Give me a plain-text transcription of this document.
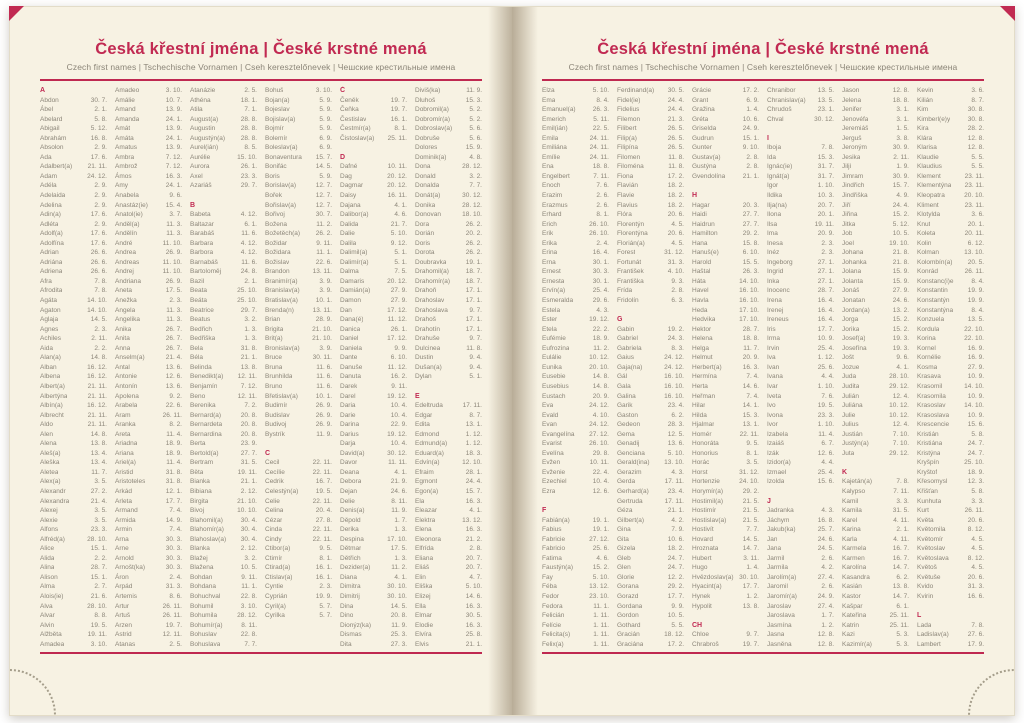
Česká křestní jména | České krstné mená
Czech first names | Tschechische Vornamen | Cseh keresztelőnevek | Чешские крестильные имена
A
Abdon	30. 7.
Ábel	2. 1.
Abelard	5. 8.
Abigail	5. 12.
Abrahám	16. 8.
Absolon	2. 9.
Ada	17. 6.
Adalbert(a) 21. 11.
Adam	24. 12.
Adéla	2. 9.
Adelaida	2. 9.
Adelina	2. 9.
Adin(a)	17. 6.
Adléta	2. 9.
Adolf(a)	17. 6.
Adolfína	17. 6.
Adrian	26. 6.
Adriána	26. 6.
Adriena	26. 6.
Afra	7. 8.
Afrodita	7. 8.
Agáta	14. 10.
Agaton	14. 10.
Aglaja	14. 5.
Agnes	2. 3.
Achiles	2. 11.
Aida	2. 2.
Alan(a)	14. 8.
Alban	16. 12.
Albena	16. 12.
Albert(a)	21. 11.
Albertýna	21. 11.
Albín(a)	16. 12.
Albrecht	21. 11.
Aldo	21. 11.
Alen	14. 8.
Alena	13. 8.
Aleš(a)	13. 4.
Aleška	13. 4.
Aletea	11. 7.
Alex(a)	3. 5.
Alexandr	27. 2.
Alexandra	21. 4.
Alexej	3. 5.
Alexie	3. 5.
Alfons	23. 3.
Alfréd(a)	28. 10.
Alice	15. 1.
Alida	2. 2.
Alina	28. 7.
Alison	15. 1.
Alma	2. 7.
Alois(ie)	21. 6.
Alva	28. 10.
Alvar	8. 8.
Alvin	19. 5.
Alžběta	19. 11.
Amadea	3. 10.
Amadeo	3. 10.
Amálie	10. 7.
Amand	13. 9.
Amanda	24. 1.
Amát	13. 9.
Amáta	24. 1.
Amatus	13. 9.
Ambra	7. 12.
Ambrož	7. 12.
Ámos	16. 3.
Amy	24. 1.
Anabela	9. 6.
Anastáz(ie)	15. 4.
Anatol(ie)	3. 7.
Anděl(a)	11. 3.
Andělín	11. 3.
André	11. 10.
Andrea	26. 9.
Andreas	11. 10.
Andrej	11. 10.
Andriana	26. 9.
Aneta	17. 5.
Anežka	2. 3.
Angela	11. 3.
Angelika	11. 3.
Anika	26. 7.
Anita	26. 7.
Anna	26. 7.
Anselm(a)	21. 4.
Antal	13. 6.
Antonie	12. 6.
Antonín	13. 6.
Apolena	9. 2.
Arabela	22. 6.
Aram	26. 11.
Aranka	8. 2.
Areta	11. 4.
Ariadna	18. 9.
Ariana	18. 9.
Ariel(a)	11. 4.
Aristid	31. 8.
Aristoteles	31. 8.
Arkád	12. 1.
Arleta	17. 7.
Armand	7. 4.
Armida	14. 9.
Armin	7. 4.
Arna	30. 3.
Arne	30. 3.
Arnold	30. 3.
Arnošt(ka)	30. 3.
Áron	2. 4.
Arpád	31. 3.
Artemis	8. 6.
Artur	26. 11.
Artuš	26. 11.
Arzen	19. 7.
Astrid	12. 11.
Atanas	2. 5.
Atanázie	2. 5.
Athéna	18. 1.
Atila	7. 1.
August(a)	28. 8.
Augustin	28. 8.
Augustýn(a) 28. 8.
Aurel(ián)	8. 5.
Aurélie	15. 10.
Aurora	26. 1.
Axel	23. 3.
Azariáš	29. 7.
B
Babeta	4. 12.
Baltazar	6. 1.
Barabáš	11. 6.
Barbara	4. 12.
Barbora	4. 12.
Barnabáš	11. 6.
Bartoloměj	24. 8.
Bazil	2. 1.
Beata	25. 10.
Beáta	25. 10.
Beatrice	29. 7.
Beatus	3. 2.
Bedřich	1. 3.
Bedřiška	1. 3.
Bela	31. 8.
Béla	21. 1.
Belinda	13. 8.
Benedikt(a) 12. 11.
Benjamín	7. 12.
Beno	12. 11.
Berenika	7. 2.
Bernard(a)	20. 8.
Bernardeta	20. 8.
Bernardina	20. 8.
Berta	23. 9.
Bertold(a)	27. 7.
Bertram	31. 5.
Běta	19. 11.
Bianka	21. 1.
Bibiana	2. 12.
Birgita	21. 10.
Bivoj	10. 10.
Blahomil(a)	30. 4.
Blahomír(a)	30. 4.
Blahoslav(a) 30. 4.
Blanka	2. 12.
Blažej	3. 2.
Blažena	10. 5.
Bohdan	9. 11.
Bohdana	11. 1.
Bohuchval	22. 8.
Bohumil	3. 10.
Bohumila	28. 12.
Bohumír(a)	8. 11.
Bohuslav	22. 8.
Bohuslava	7. 7.
Bohuš	3. 10.
Bojan(a)	5. 9.
Bojeslav	5. 9.
Bojislav(a)	5. 9.
Bojmír	5. 9.
Bolemír	6. 9.
Boleslav(a)	6. 9.
Bonaventura 15. 7.
Bonifác	14. 5.
Boris	5. 9.
Borislav(a)	12. 7.
Bořek	12. 7.
Bořislav(a)	12. 7.
Bořivoj	30. 7.
Božena	11. 2.
Božetěch(a) 26. 2.
Božidar	9. 11.
Božidara	11. 1.
Božislav	22. 6.
Brandon	13. 11.
Branimír(a)	3. 9.
Branislav(a)	3. 9.
Bratislav(a)	10. 1.
Brenda(n)	13. 11.
Brian	28. 9.
Brigita	21. 10.
Brit(a)	21. 10.
Bronislav(a)	3. 9.
Bruce	30. 11.
Bruna	11. 6.
Brunhilda	11. 6.
Bruno	11. 6.
Břetislav(a)	10. 1.
Budimír	26. 9.
Budislav	26. 9.
Budivoj	26. 9.
Bystrík	11. 9.
C
Cecil	22. 11.
Cecílie	22. 11.
Cedrik	16. 7.
Celestýn(a)	19. 5.
Celie	22. 11.
Celina	20. 4.
Cézar	27. 8.
Cinda	22. 11.
Cindy	22. 11.
Ctibor(a)	9. 5.
Ctimír	8. 1.
Ctirad(a)	16. 1.
Ctislav(a)	16. 1.
Cyntie	2. 3.
Cyprián	19. 9.
Cyril(a)	5. 7.
Cyrilka	5. 7.
Č
Čeněk	19. 7.
Čeňka	19. 7.
Čestislav	16. 1.
Čestmír(a)	8. 1.
Čistoslav(a) 25. 11.
D
Dafné	10. 11.
Dag	20. 12.
Dagmar	20. 12.
Daisy	16. 11.
Dajana	4. 1.
Dalibor(a)	4. 6.
Dalida	21. 7.
Dalie	5. 10.
Dalila	9. 12.
Dalimil(a)	5. 1.
Dalimír(a)	5. 1.
Dalma	7. 5.
Damaris	20. 12.
Damián(a)	27. 9.
Damon	27. 9.
Dan	17. 12.
Dana(é)	11. 12.
Danica	26. 1.
Daniel	17. 12.
Daniela	9. 9.
Dante	6. 10.
Danuše	11. 12.
Danuta	16. 2.
Darek	9. 11.
Darel	19. 12.
Daria	10. 4.
Darie	10. 4.
Darina	22. 9.
Darius	19. 12.
Darja	10. 4.
David(a)	30. 12.
Davor	11. 11.
Deana	4. 1.
Debora	21. 9.
Dejan	24. 6.
Delie	8. 11.
Denis(a)	11. 9.
Děpold	1. 7.
Derika	1. 3.
Despina	17. 10.
Dětmar	17. 5.
Dětřich	1. 3.
Dezider(a)	11. 2.
Diana	4. 1.
Dimitra	30. 10.
Dimitrij	30. 10.
Dina	14. 5.
Dino	20. 8.
Dionýz(ka)	11. 9.
Dismas	25. 3.
Dita	27. 3.
Diviš(ka)	11. 9.
Dluhoš	15. 3.
Dobromil(a)	5. 2.
Dobromír(a)	5. 2.
Dobroslav(a)	5. 6.
Dobruše	5. 6.
Dolores	15. 9.
Dominik(a)	4. 8.
Dona	28. 12.
Donald	3. 2.
Donalda	7. 7.
Donát(a)	30. 12.
Donika	28. 12.
Donovan	18. 10.
Dora	26. 2.
Dorián	20. 2.
Doris	26. 2.
Dorota	26. 2.
Doubravka	19. 1.
Drahomil(a)	18. 7.
Drahomír(a) 18. 7.
Drahoň	17. 1.
Drahoslav	17. 1.
Drahoslava	9. 7.
Drahoš	17. 1.
Drahotín	17. 1.
Drahuše	9. 7.
Dulcinea	11. 8.
Dustin	9. 4.
Dušan(a)	9. 4.
Dylan	5. 1.
E
Edeltruda	17. 11.
Edgar	8. 7.
Edita	13. 1.
Edmond	1. 12.
Edmund(a)	1. 12.
Eduard(a)	18. 3.
Edvín(a)	12. 10.
Efraim	28. 1.
Egmont	24. 4.
Egon(a)	15. 7.
Ela	16. 3.
Eleazar	4. 1.
Elektra	13. 12.
Elena	16. 3.
Eleonora	21. 2.
Elfrída	2. 8.
Eliana	20. 7.
Eliáš	20. 7.
Elin	4. 7.
Eliška	5. 10.
Elizej	14. 6.
Ella	16. 3.
Elmar	30. 5.
Elodie	16. 3.
Elvíra	25. 8.
Elvis	21. 1.
Česká křestní jména | České krstné mená
Czech first names | Tschechische Vornamen | Cseh keresztelőnevek | Чешские крестильные имена
Elza	5. 10.
Ema	8. 4.
Emanuel(a)	26. 3.
Emerich	5. 11.
Emil(ián)	22. 5.
Emila	24. 11.
Emiliána	24. 11.
Emílie	24. 11.
Ena	18. 8.
Engelbert	7. 11.
Enoch	7. 6.
Erazim	2. 6.
Erazmus	2. 6.
Erhard	8. 1.
Erich	26. 10.
Erik	26. 10.
Erika	2. 4.
Erina	16. 4.
Erna	30. 1.
Ernest	30. 3.
Ernesta	30. 1.
Ervín(a)	25. 4.
Esmeralda	29. 6.
Estela	4. 3.
Ester	19. 12.
Etela	22. 2.
Eufémie	18. 9.
Eufrozina	11. 2.
Eulálie	10. 12.
Eunika	20. 10.
Eusebie	14. 8.
Eusebius	14. 8.
Eustach	20. 9.
Eva	24. 12.
Evald	4. 10.
Evan	24. 12.
Evangelína 27. 12.
Evarist	26. 10.
Evelína	29. 8.
Evžen	10. 11.
Evženie	22. 4.
Ezechiel	10. 4.
Ezra	12. 6.
F
Fabián(a)	19. 1.
Fabius	19. 1.
Fabricie	27. 12.
Fabricio	25. 6.
Fatima	4. 6.
Faustýn(a)	15. 2.
Fay	5. 10.
Féba	13. 12.
Fedor	23. 10.
Fedora	11. 1.
Felicián	1. 11.
Felície	1. 11.
Felicita(s)	1. 11.
Felix(a)	1. 11.
Ferdinand(a) 30. 5.
Fidel(ie)	24. 4.
Fidelius	24. 4.
Filemon	21. 3.
Filibert	26. 5.
Filip(a)	26. 5.
Filipína	26. 5.
Filomen	11. 8.
Filoména	11. 8.
Fiona	17. 2.
Flavián	18. 2.
Flavie	18. 2.
Flavius	18. 2.
Flóra	20. 6.
Florentýn	4. 5.
Florentýna	20. 6.
Florián(a)	4. 5.
Forest	31. 12.
Fortunát	31. 3.
František	4. 10.
Františka	9. 3.
Frída	2. 8.
Fridolín	6. 3.
G
Gabin	19. 2.
Gabriel	24. 3.
Gabriela	8. 3.
Gaius	24. 12.
Gaja(na)	24. 12.
Gál	16. 10.
Gala	16. 10.
Galina	16. 10.
Garik	23. 4.
Gaston	6. 2.
Gedeon	28. 3.
Gema	12. 5.
Genadij	13. 6.
Genciana	5. 10.
Gerald(ina) 13. 10.
Gerazim	4. 3.
Gerda	17. 11.
Gerhard(a)	23. 4.
Gertruda	17. 11.
Géza	21. 1.
Gilbert(a)	4. 2.
Gina	7. 9.
Gita	10. 6.
Gizela	18. 2.
Gleb	24. 7.
Glen	24. 7.
Glorie	12. 2.
Gorana	29. 2.
Gorazd	17. 7.
Gordana	9. 9.
Gordon	10. 5.
Gothard	5. 5.
Gracián	18. 12.
Graciána	17. 2.
Grácie	17. 2.
Grant	6. 9.
Gražina	1. 4.
Gréta	10. 6.
Griselda	24. 9.
Gudrun	15. 1.
Gunter	9. 10.
Gustav(a)	2. 8.
Gustýna	2. 8.
Gvendolína	21. 1.
H
Hagar	20. 3.
Haidi	27. 7.
Haidrun	27. 7.
Hamilton	29. 2.
Hana	15. 8.
Hanuš(e)	6. 10.
Harold	15. 5.
Haštal	26. 3.
Háta	14. 10.
Havel	16. 10.
Havla	16. 10.
Heda	17. 10.
Hedvika	17. 10.
Hektor	28. 7.
Helena	18. 8.
Helga	11. 7.
Helmut	20. 9.
Herbert(a)	16. 3.
Hermína	7. 4.
Herta	14. 6.
Heřman	7. 4.
Hilar	14. 1.
Hilda	15. 3.
Hjalmar	13. 1.
Homér	22. 11.
Honoráta	9. 5.
Honorius	8. 1.
Horác	3. 5.
Horst	31. 12.
Hortenzie	24. 10.
Horymír(a)	29. 2.
Hostimil(a)	21. 5.
Hostimír	21. 5.
Hostislav(a)	21. 5.
Hostivít	7. 7.
Hovard	14. 5.
Hroznata	14. 7.
Hubert	3. 11.
Hugo	1. 4.
Hvězdoslav(a) 30. 10.
Hyacint(a)	17. 7.
Hynek	1. 2.
Hypolit	13. 8.
CH
Chloe	9. 7.
Chrabroš	19. 7.
Chranibor	13. 5.
Chranislav(a) 13. 5.
Chrudoš	23. 1.
Chval	30. 12.
I
Iboja	7. 8.
Ida	15. 3.
Ignác(ie)	31. 7.
Ignát(a)	31. 7.
Igor	1. 10.
Ildika	10. 3.
Ilja(na)	20. 7.
Ilona	20. 1.
Ilsa	19. 11.
Ima	20. 9.
Inesa	2. 3.
Inéz	2. 3.
Ingeborg	27. 1.
Ingrid	27. 1.
Inka	27. 1.
Inocenc	28. 7.
Irena	16. 4.
Irenej	16. 4.
Ireneus	16. 4.
Iris	17. 7.
Irma	10. 9.
Irvin	25. 4.
Iva	1. 12.
Ivan	25. 6.
Ivana	4. 4.
Ivar	1. 10.
Iveta	7. 6.
Ivo	19. 5.
Ivona	23. 3.
Ivor	1. 10.
Izabela	11. 4.
Izaiáš	6. 7.
Izák	12. 6.
Izidor(a)	4. 4.
Izmael	25. 4.
Izolda	15. 6.
J
Jadranka	4. 3.
Jáchym	16. 8.
Jakub(ka)	25. 7.
Jan	24. 6.
Jana	24. 5.
Jarmil	2. 6.
Jarmila	4. 2.
Jarolím(a)	27. 4.
Jaromil	2. 6.
Jaromír(a)	24. 9.
Jaroslav	27. 4.
Jaroslava	1. 7.
Jasmína	1. 2.
Jasna	12. 8.
Jasněna	12. 8.
Jason	12. 8.
Jelena	18. 8.
Jenifer	3. 1.
Jenovéfa	3. 1.
Jeremiáš	1. 5.
Jerguš	3. 8.
Jeroným	30. 9.
Jesika	2. 11.
Jiljí	1. 9.
Jimram	30. 9.
Jindřich	15. 7.
Jindřiška	4. 9.
Jiří	24. 4.
Jiřina	15. 2.
Jitka	5. 12.
Job	10. 5.
Joel	19. 10.
Johana	21. 8.
Johanka	21. 8.
Jolana	15. 9.
Jolanta	15. 9.
Jonáš	27. 9.
Jonatan	24. 6.
Jordan(a)	13. 2.
Jorga	15. 2.
Jorika	15. 2.
Josef(a)	19. 3.
Josefína	19. 3.
Jošt	9. 6.
Jozue	4. 1.
Juda	28. 10.
Judita	29. 12.
Julián	12. 4.
Juliána	10. 12.
Julie	10. 12.
Julius	12. 4.
Justián	7. 10.
Justýn(a)	7. 10.
Juta	29. 12.
K
Kajetán(a)	7. 8.
Kalypso	7. 11.
Kamil	3. 3.
Kamila	31. 5.
Karel	4. 11.
Karina	2. 1.
Karla	4. 11.
Karmela	16. 7.
Karmen	16. 7.
Karolína	14. 7.
Kasandra	6. 2.
Kasián	13. 8.
Kastor	14. 7.
Kašpar	6. 1.
Kateřina	25. 11.
Katrin	25. 11.
Kazi	5. 3.
Kazimír(a)	5. 3.
Kevin	3. 6.
Kilián	8. 7.
Kim	30. 8.
Kimberl(e)y	30. 8.
Kira	28. 2.
Klára	12. 8.
Klarisa	12. 8.
Klaudie	5. 5.
Klaudius	5. 5.
Klement	23. 11.
Klementýna 23. 11.
Kleopatra	20. 10.
Kliment	23. 11.
Klotylda	3. 6.
Knut	20. 1.
Koleta	20. 11.
Kolin	6. 12.
Kolman	13. 10.
Kolombín(a) 20. 5.
Konrád	26. 11.
Konstanc(i)e	8. 4.
Konstantin	19. 9.
Konstantýn	19. 9.
Konstantýna	8. 4.
Konzuela	13. 5.
Kordula	22. 10.
Korina	22. 10.
Kornel	16. 9.
Kornélie	16. 9.
Kosma	27. 9.
Krasava	10. 9.
Krasomil	14. 10.
Krasomila	10. 9.
Krasoslav	14. 10.
Krasoslava	10. 9.
Krescencie	15. 6.
Kristián	5. 8.
Kristiána	24. 7.
Kristýna	24. 7.
Kryšpín	25. 10.
Kryštof	18. 9.
Křesomysl	12. 3.
Křišťan	5. 8.
Kunhuta	3. 3.
Kurt	26. 11.
Květa	20. 6.
Květomila	8. 12.
Květomír	4. 5.
Květoslav	4. 5.
Květoslava	8. 12.
Květoš	4. 5.
Květuše	20. 6.
Kvido	31. 3.
Kvirin	16. 6.
L
Lada	7. 8.
Ladislav(a)	27. 6.
Lambert	17. 9.
